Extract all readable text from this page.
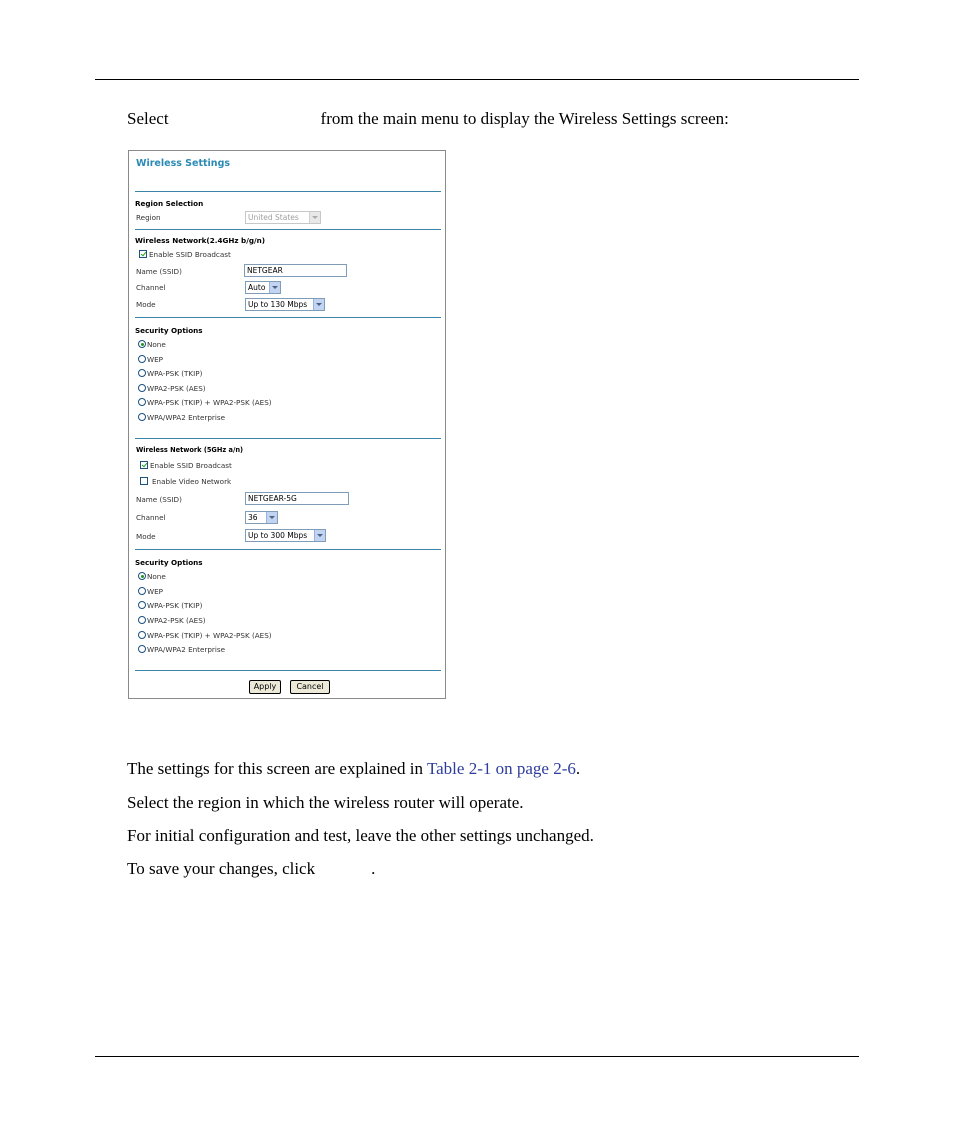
Select	from the main menu to display the Wireless Settings screen:
Wireless Settings
Region Selection
Region	United States
Wireless Network(2.4GHz b/g/n)
Enable SSID Broadcast
Name (SSID)	NETGEAR
Channel	Auto
Mode	Up to 130 Mbps
Security Options
None
WEP
WPA-PSK (TKIP)
WPA2-PSK (AES)
WPA-PSK (TKIP) + WPA2-PSK (AES)
WPA/WPA2 Enterprise
Wireless Network (5GHz a/n)
Enable SSID Broadcast
Enable Video Network
Name (SSID)	NETGEAR-5G
Channel	36
Mode	Up to 300 Mbps
Security Options
None
WEP
WPA-PSK (TKIP)
WPA2-PSK (AES)
WPA-PSK (TKIP) + WPA2-PSK (AES)
WPA/WPA2 Enterprise
Apply	Cancel
The settings for this screen are explained in Table 2-1 on page 2-6.
Select the region in which the wireless router will operate.
For initial configuration and test, leave the other settings unchanged.
To save your changes, click	.
